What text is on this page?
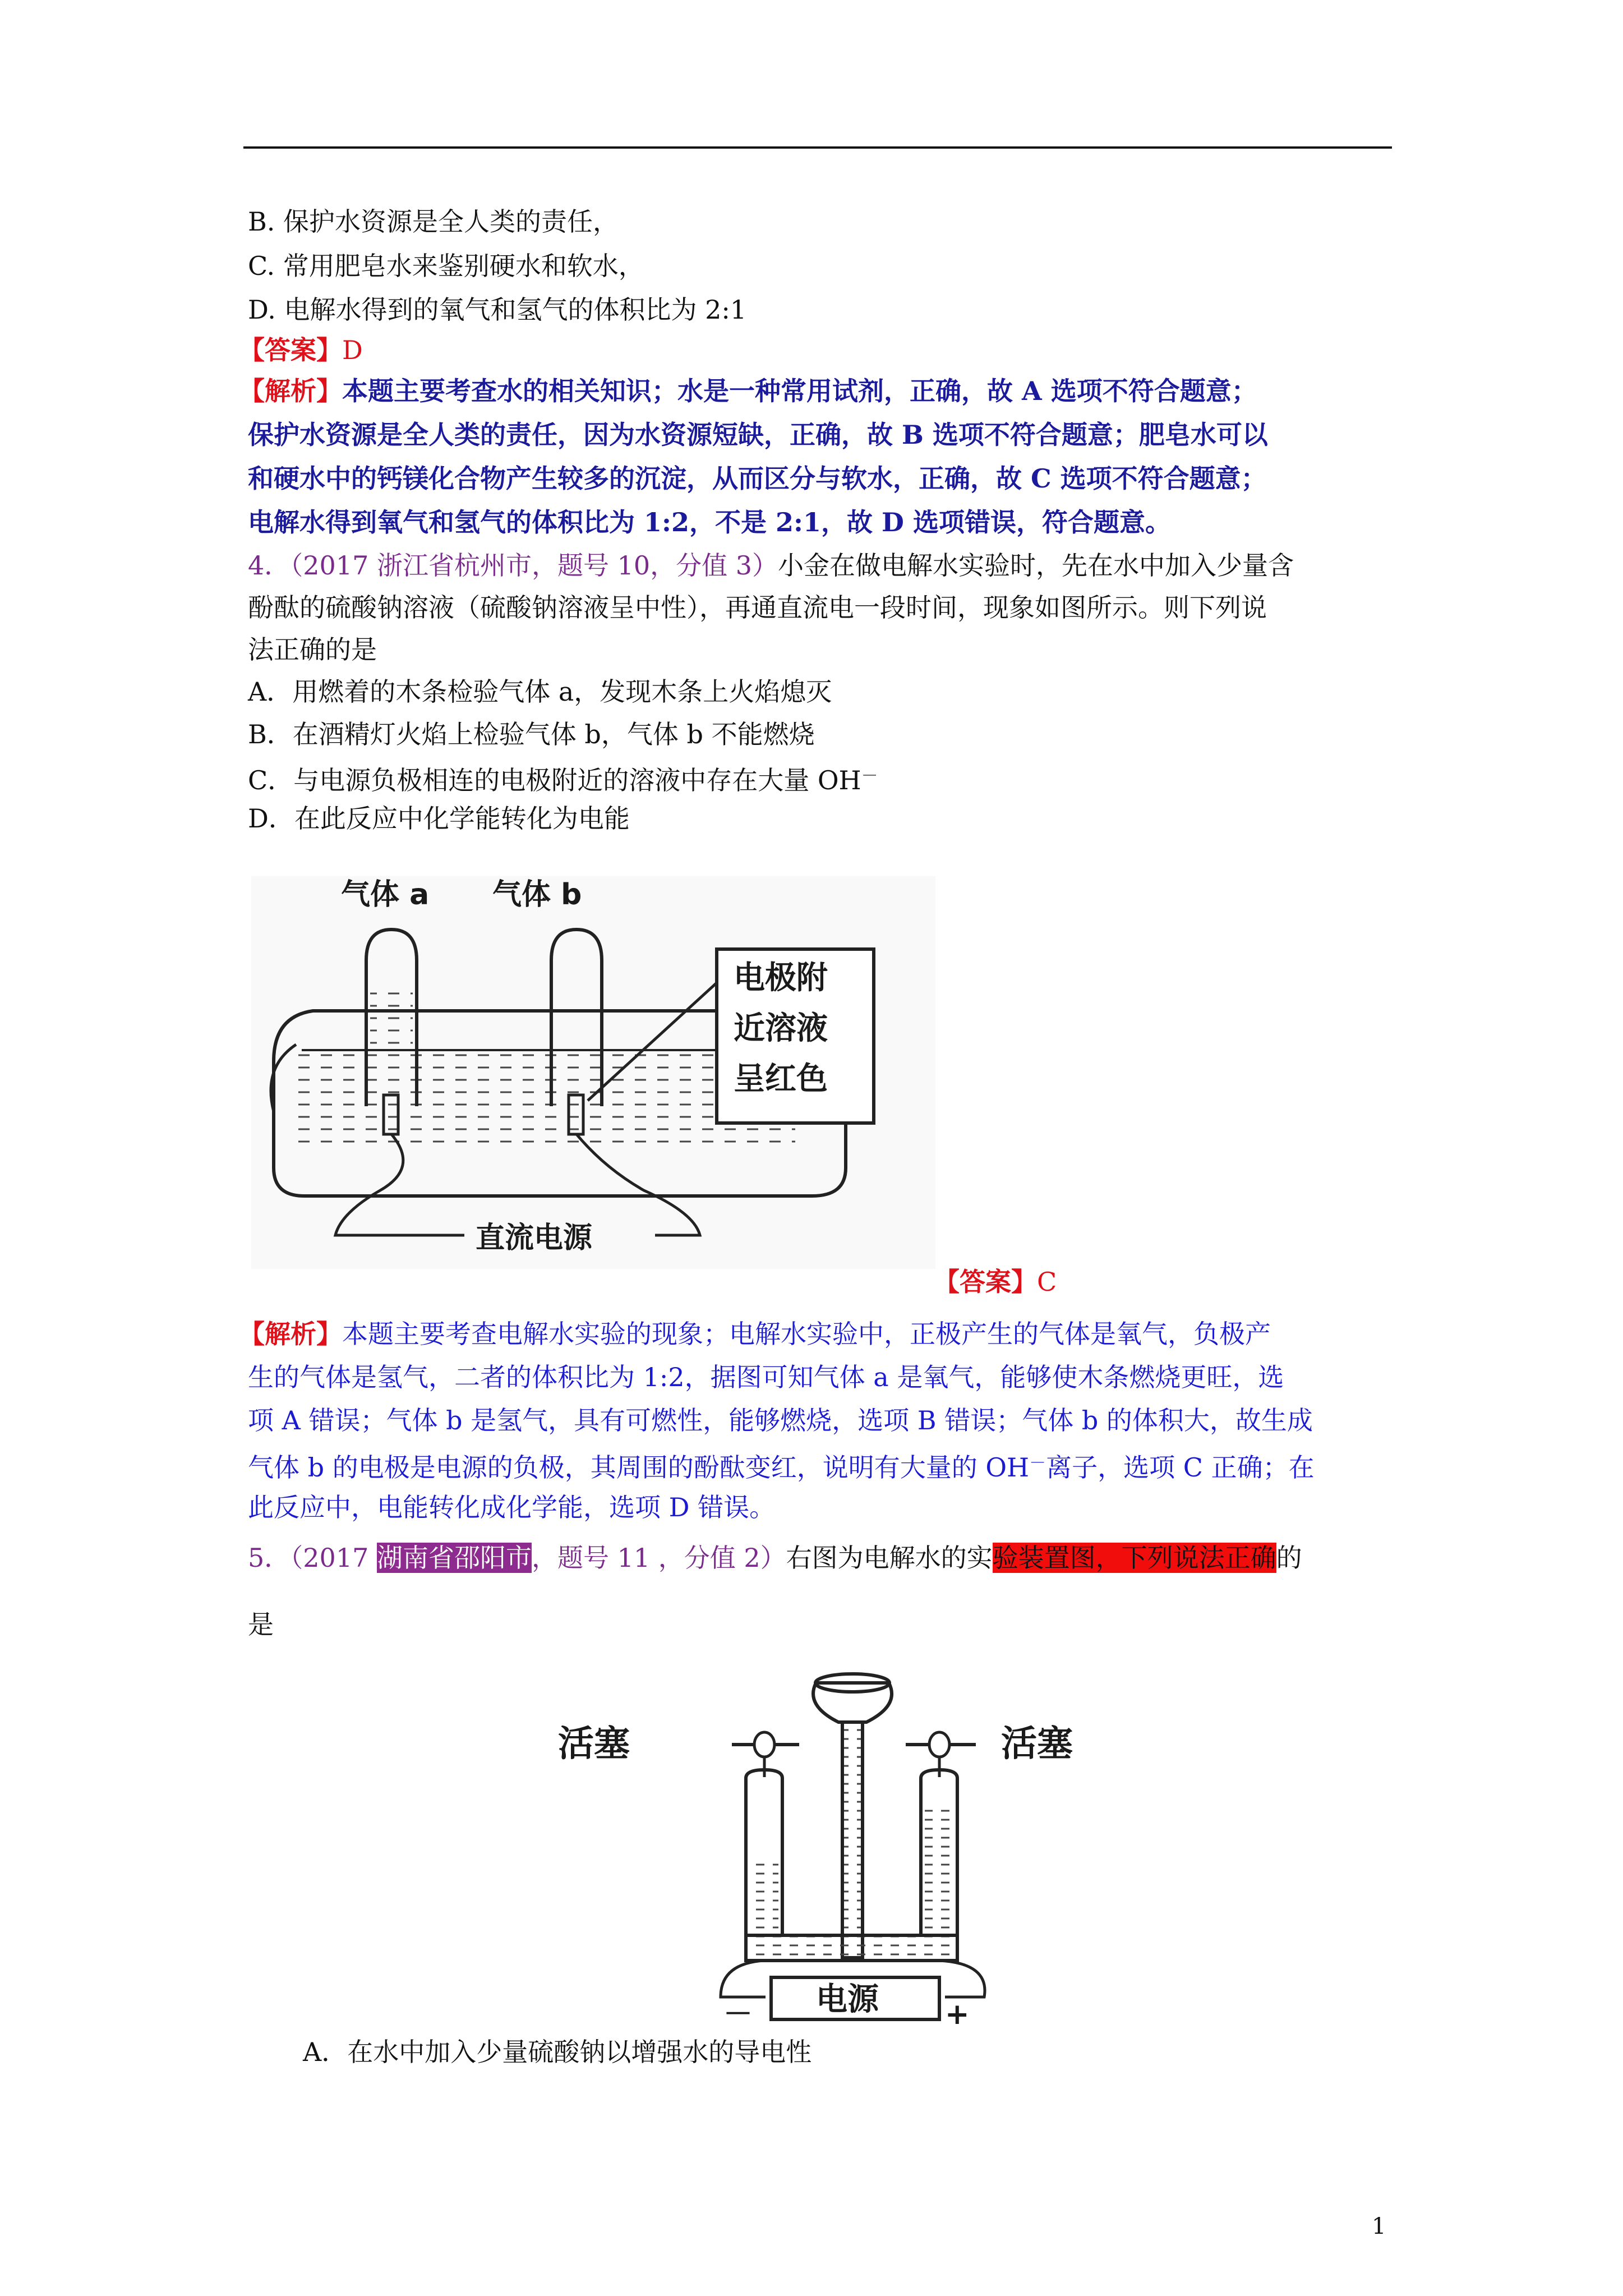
B. 保护水资源是全人类的责任，
C. 常用肥皂水来鉴别硬水和软水，
D. 电解水得到的氧气和氢气的体积比为 2:1
【答案】D
【解析】本题主要考查水的相关知识；水是一种常用试剂，正确，故 A 选项不符合题意；
保护水资源是全人类的责任，因为水资源短缺，正确，故 B 选项不符合题意；肥皂水可以
和硬水中的钙镁化合物产生较多的沉淀，从而区分与软水，正确，故 C 选项不符合题意；
电解水得到氧气和氢气的体积比为 1:2，不是 2:1，故 D 选项错误，符合题意。
4．（2017 浙江省杭州市，题号 10，分值 3）小金在做电解水实验时，先在水中加入少量含
酚酞的硫酸钠溶液（硫酸钠溶液呈中性），再通直流电一段时间，现象如图所示。则下列说
法正确的是
A．用燃着的木条检验气体 a，发现木条上火焰熄灭
B．在酒精灯火焰上检验气体 b，气体 b 不能燃烧
C．与电源负极相连的电极附近的溶液中存在大量 OH－
D．在此反应中化学能转化为电能
气体 a 气体 b
电极附
近溶液
呈红色
直流电源
【答案】C
【解析】本题主要考查电解水实验的现象；电解水实验中，正极产生的气体是氧气，负极产
生的气体是氢气，二者的体积比为 1:2，据图可知气体 a 是氧气，能够使木条燃烧更旺，选
项 A 错误；气体 b 是氢气，具有可燃性，能够燃烧，选项 B 错误；气体 b 的体积大，故生成
气体 b 的电极是电源的负极，其周围的酚酞变红，说明有大量的 OH－离子，选项 C 正确；在
此反应中，电能转化成化学能，选项 D 错误。
5．（2017 湖南省邵阳市，题号 11 ，分值 2）右图为电解水的实验装置图，下列说法正确的
是
活塞	活塞
电源
－	+
A．在水中加入少量硫酸钠以增强水的导电性
1
